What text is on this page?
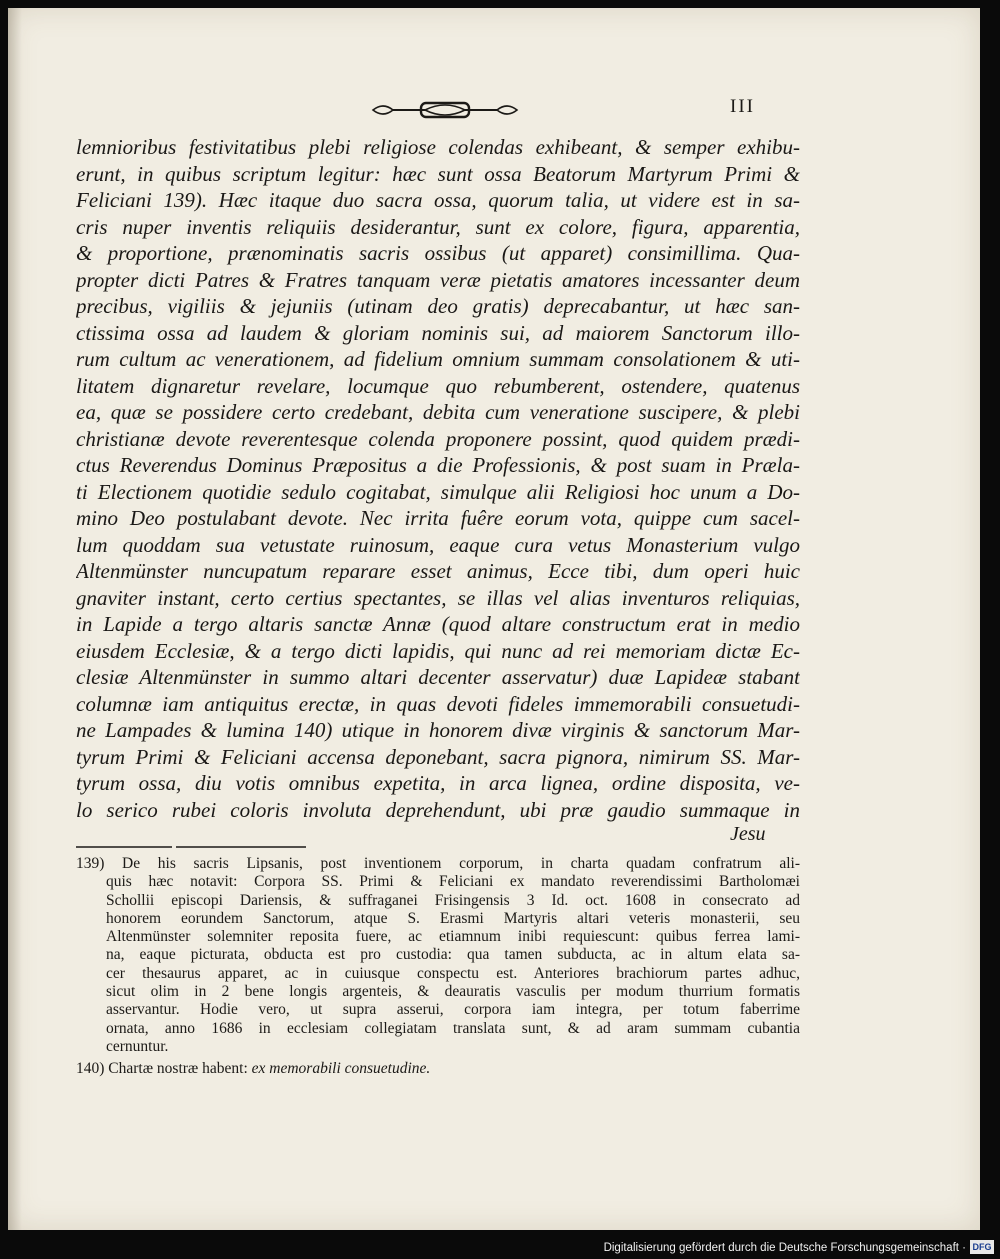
III
lemnioribus festivitatibus plebi religiose colendas exhibeant, & semper exhibu-
erunt, in quibus scriptum legitur: hæc sunt ossa Beatorum Martyrum Primi &
Feliciani 139). Hæc itaque duo sacra ossa, quorum talia, ut videre est in sa-
cris nuper inventis reliquiis desiderantur, sunt ex colore, figura, apparentia,
& proportione, prænominatis sacris ossibus (ut apparet) consimillima. Qua-
propter dicti Patres & Fratres tanquam veræ pietatis amatores incessanter deum
precibus, vigiliis & jejuniis (utinam deo gratis) deprecabantur, ut hæc san-
ctissima ossa ad laudem & gloriam nominis sui, ad maiorem Sanctorum illo-
rum cultum ac venerationem, ad fidelium omnium summam consolationem & uti-
litatem dignaretur revelare, locumque quo rebumberent, ostendere, quatenus
ea, quæ se possidere certo credebant, debita cum veneratione suscipere, & plebi
christianæ devote reverentesque colenda proponere possint, quod quidem prædi-
ctus Reverendus Dominus Præpositus a die Professionis, & post suam in Præla-
ti Electionem quotidie sedulo cogitabat, simulque alii Religiosi hoc unum a Do-
mino Deo postulabant devote. Nec irrita fuêre eorum vota, quippe cum sacel-
lum quoddam sua vetustate ruinosum, eaque cura vetus Monasterium vulgo
Altenmünster nuncupatum reparare esset animus, Ecce tibi, dum operi huic
gnaviter instant, certo certius spectantes, se illas vel alias inventuros reliquias,
in Lapide a tergo altaris sanctæ Annæ (quod altare constructum erat in medio
eiusdem Ecclesiæ, & a tergo dicti lapidis, qui nunc ad rei memoriam dictæ Ec-
clesiæ Altenmünster in summo altari decenter asservatur) duæ Lapideæ stabant
columnæ iam antiquitus erectæ, in quas devoti fideles immemorabili consuetudi-
ne Lampades & lumina 140) utique in honorem divæ virginis & sanctorum Mar-
tyrum Primi & Feliciani accensa deponebant, sacra pignora, nimirum SS. Mar-
tyrum ossa, diu votis omnibus expetita, in arca lignea, ordine disposita, ve-
lo serico rubei coloris involuta deprehendunt, ubi præ gaudio summaque in
Jesu
139) De his sacris Lipsanis, post inventionem corporum, in charta quadam confratrum ali-
quis hæc notavit: Corpora SS. Primi & Feliciani ex mandato reverendissimi Bartholomæi
Schollii episcopi Dariensis, & suffraganei Frisingensis 3 Id. oct. 1608 in consecrato ad
honorem eorundem Sanctorum, atque S. Erasmi Martyris altari veteris monasterii, seu
Altenmünster solemniter reposita fuere, ac etiamnum inibi requiescunt: quibus ferrea lami-
na, eaque picturata, obducta est pro custodia: qua tamen subducta, ac in altum elata sa-
cer thesaurus apparet, ac in cuiusque conspectu est. Anteriores brachiorum partes adhuc,
sicut olim in 2 bene longis argenteis, & deauratis vasculis per modum thurrium formatis
asservantur. Hodie vero, ut supra asserui, corpora iam integra, per totum faberrime
ornata, anno 1686 in ecclesiam collegiatam translata sunt, & ad aram summam cubantia
cernuntur.
140) Chartæ nostræ habent: ex memorabili consuetudine.
Digitalisierung gefördert durch die Deutsche Forschungsgemeinschaft · DFG
